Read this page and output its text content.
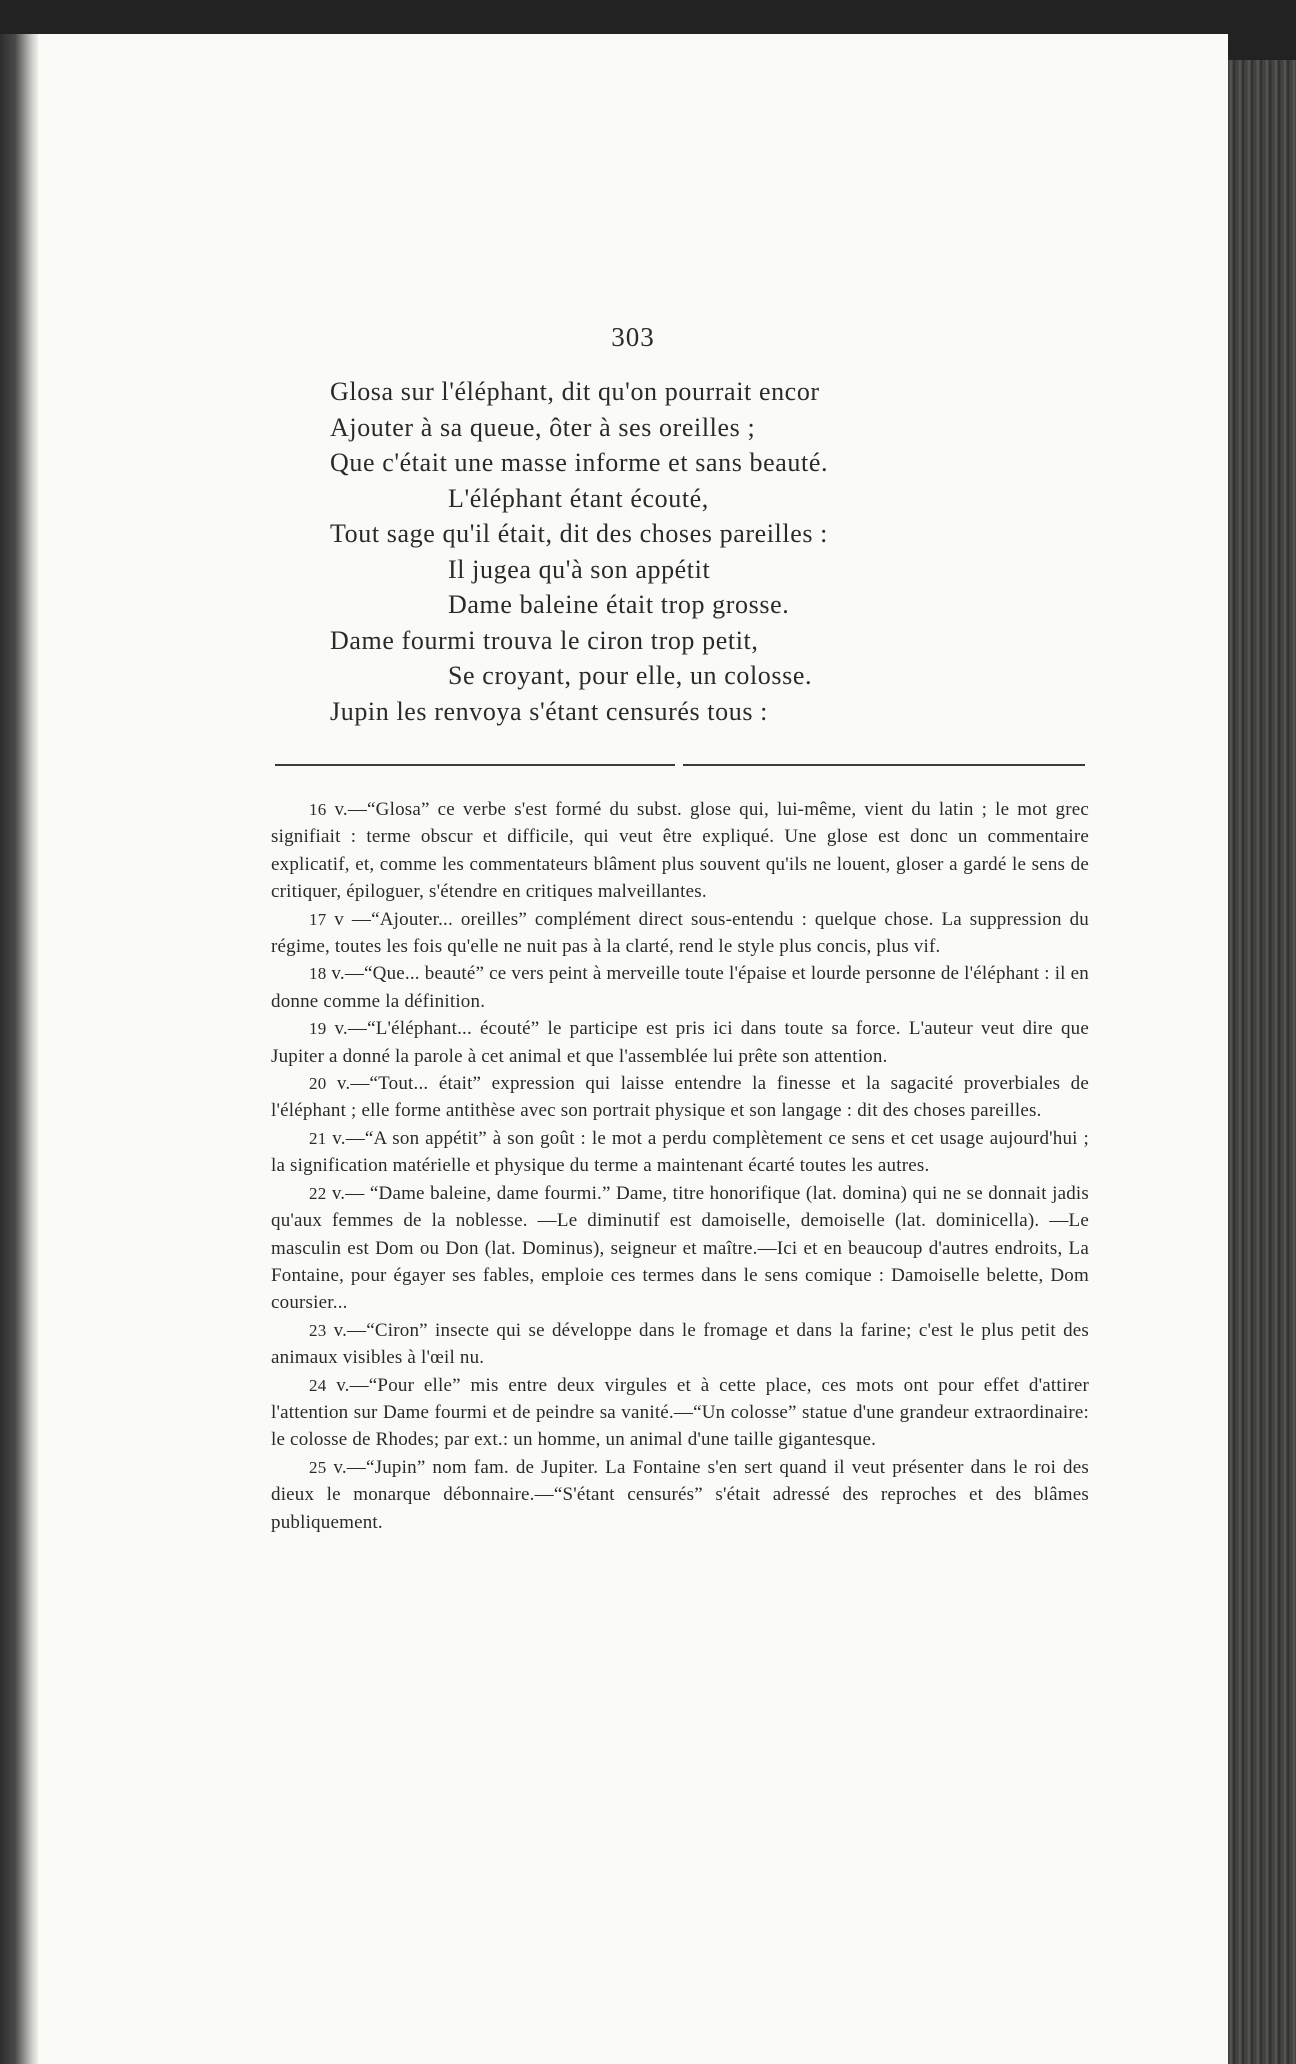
303
Glosa sur l'éléphant, dit qu'on pourrait encor
Ajouter à sa queue, ôter à ses oreilles ;
Que c'était une masse informe et sans beauté.
L'éléphant étant écouté,
Tout sage qu'il était, dit des choses pareilles :
Il jugea qu'à son appétit
Dame baleine était trop grosse.
Dame fourmi trouva le ciron trop petit,
Se croyant, pour elle, un colosse.
Jupin les renvoya s'étant censurés tous :

16 v.—“Glosa” ce verbe s'est formé du subst. glose qui, lui-même, vient du latin ; le mot grec signifiait : terme obscur et difficile, qui veut être expliqué. Une glose est donc un commentaire explicatif, et, comme les commentateurs blâment plus souvent qu'ils ne louent, gloser a gardé le sens de critiquer, épiloguer, s'étendre en critiques malveillantes.

17 v —“Ajouter... oreilles” complément direct sous-entendu : quelque chose. La suppression du régime, toutes les fois qu'elle ne nuit pas à la clarté, rend le style plus concis, plus vif.

18 v.—“Que... beauté” ce vers peint à merveille toute l'épaise et lourde personne de l'éléphant : il en donne comme la définition.

19 v.—“L'éléphant... écouté” le participe est pris ici dans toute sa force. L'auteur veut dire que Jupiter a donné la parole à cet animal et que l'assemblée lui prête son attention.

20 v.—“Tout... était” expression qui laisse entendre la finesse et la sagacité proverbiales de l'éléphant ; elle forme antithèse avec son portrait physique et son langage : dit des choses pareilles.

21 v.—“A son appétit” à son goût : le mot a perdu complètement ce sens et cet usage aujourd'hui ; la signification matérielle et physique du terme a maintenant écarté toutes les autres.

22 v.— “Dame baleine, dame fourmi.” Dame, titre honorifique (lat. domina) qui ne se donnait jadis qu'aux femmes de la noblesse. —Le diminutif est damoiselle, demoiselle (lat. dominicella). —Le masculin est Dom ou Don (lat. Dominus), seigneur et maître.—Ici et en beaucoup d'autres endroits, La Fontaine, pour égayer ses fables, emploie ces termes dans le sens comique : Damoiselle belette, Dom coursier...

23 v.—“Ciron” insecte qui se développe dans le fromage et dans la farine; c'est le plus petit des animaux visibles à l'œil nu.

24 v.—“Pour elle” mis entre deux virgules et à cette place, ces mots ont pour effet d'attirer l'attention sur Dame fourmi et de peindre sa vanité.—“Un colosse” statue d'une grandeur extraordinaire: le colosse de Rhodes; par ext.: un homme, un animal d'une taille gigantesque.

25 v.—“Jupin” nom fam. de Jupiter. La Fontaine s'en sert quand il veut présenter dans le roi des dieux le monarque débonnaire.—“S'étant censurés” s'était adressé des reproches et des blâmes publiquement.
